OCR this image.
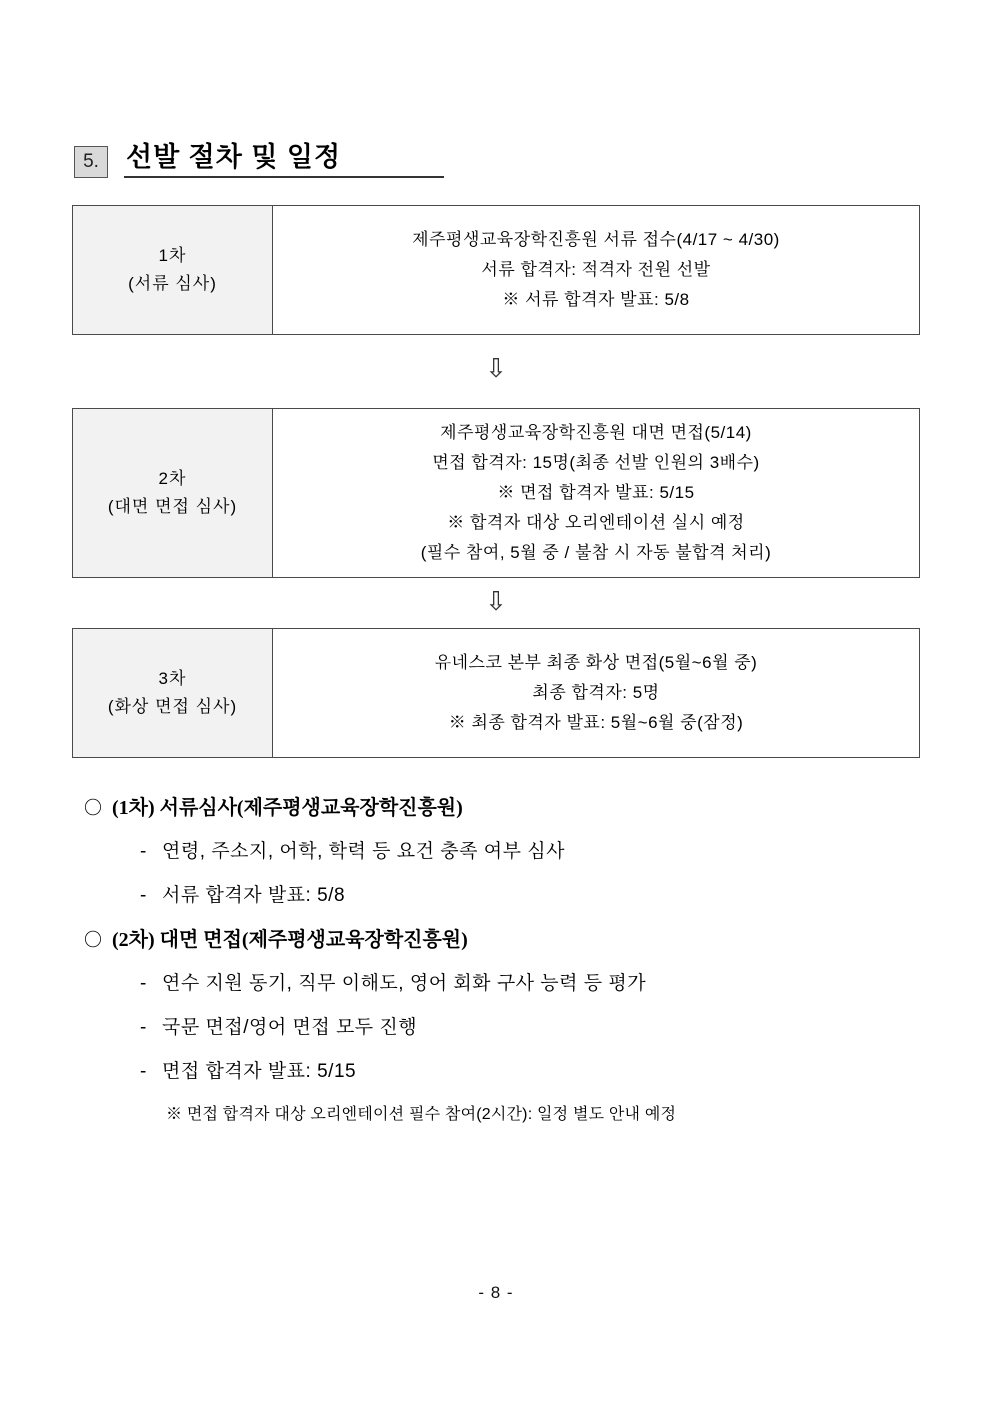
5.	선발 절차 및 일정
1차
(서류 심사)
제주평생교육장학진흥원 서류 접수(4/17 ~ 4/30)
서류 합격자: 적격자 전원 선발
※ 서류 합격자 발표: 5/8
⇩
2차
(대면 면접 심사)
제주평생교육장학진흥원 대면 면접(5/14)
면접 합격자: 15명(최종 선발 인원의 3배수)
※ 면접 합격자 발표: 5/15
※ 합격자 대상 오리엔테이션 실시 예정
(필수 참여, 5월 중 / 불참 시 자동 불합격 처리)
⇩
3차
(화상 면접 심사)
유네스코 본부 최종 화상 면접(5월~6월 중)
최종 합격자: 5명
※ 최종 합격자 발표: 5월~6월 중(잠정)
〇 (1차) 서류심사(제주평생교육장학진흥원)
- 연령, 주소지, 어학, 학력 등 요건 충족 여부 심사
- 서류 합격자 발표: 5/8
〇 (2차) 대면 면접(제주평생교육장학진흥원)
- 연수 지원 동기, 직무 이해도, 영어 회화 구사 능력 등 평가
- 국문 면접/영어 면접 모두 진행
- 면접 합격자 발표: 5/15
※ 면접 합격자 대상 오리엔테이션 필수 참여(2시간): 일정 별도 안내 예정
- 8 -
